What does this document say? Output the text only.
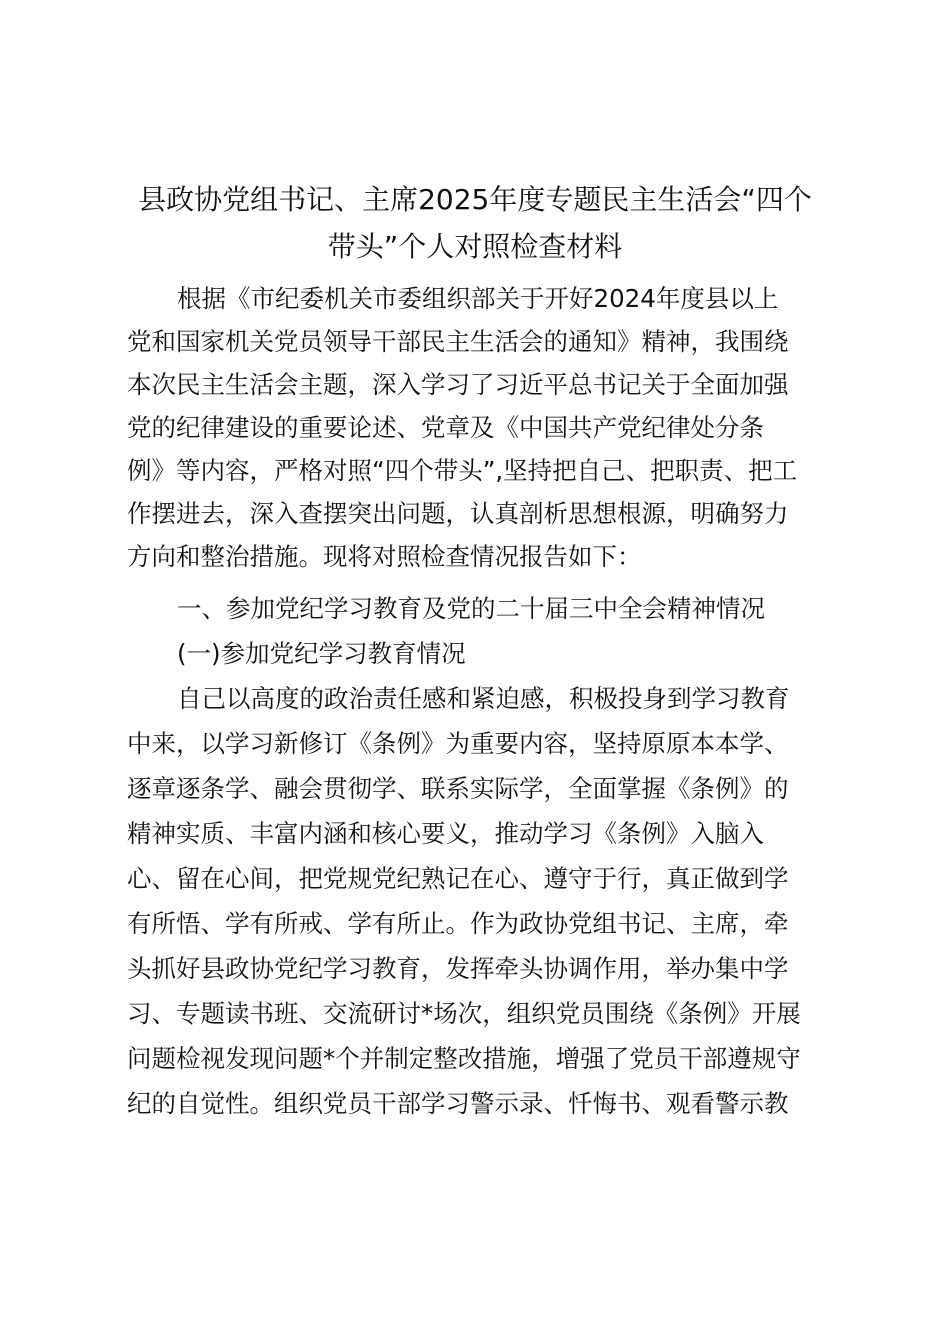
县政协党组书记、主席2025年度专题民主生活会“四个
带头”个人对照检查材料

根据《市纪委机关市委组织部关于开好2024年度县以上

党和国家机关党员领导干部民主生活会的通知》精神，我围绕

本次民主生活会主题，深入学习了习近平总书记关于全面加强

党的纪律建设的重要论述、党章及《中国共产党纪律处分条

例》等内容，严格对照“四个带头”,坚持把自己、把职责、把工

作摆进去，深入查摆突出问题，认真剖析思想根源，明确努力

方向和整治措施。现将对照检查情况报告如下：

一、参加党纪学习教育及党的二十届三中全会精神情况

(一)参加党纪学习教育情况

自己以高度的政治责任感和紧迫感，积极投身到学习教育

中来，以学习新修订《条例》为重要内容，坚持原原本本学、

逐章逐条学、融会贯彻学、联系实际学，全面掌握《条例》的

精神实质、丰富内涵和核心要义，推动学习《条例》入脑入

心、留在心间，把党规党纪熟记在心、遵守于行，真正做到学

有所悟、学有所戒、学有所止。作为政协党组书记、主席，牵

头抓好县政协党纪学习教育，发挥牵头协调作用，举办集中学

习、专题读书班、交流研讨*场次，组织党员围绕《条例》开展

问题检视发现问题*个并制定整改措施，增强了党员干部遵规守

纪的自觉性。组织党员干部学习警示录、忏悔书、观看警示教
